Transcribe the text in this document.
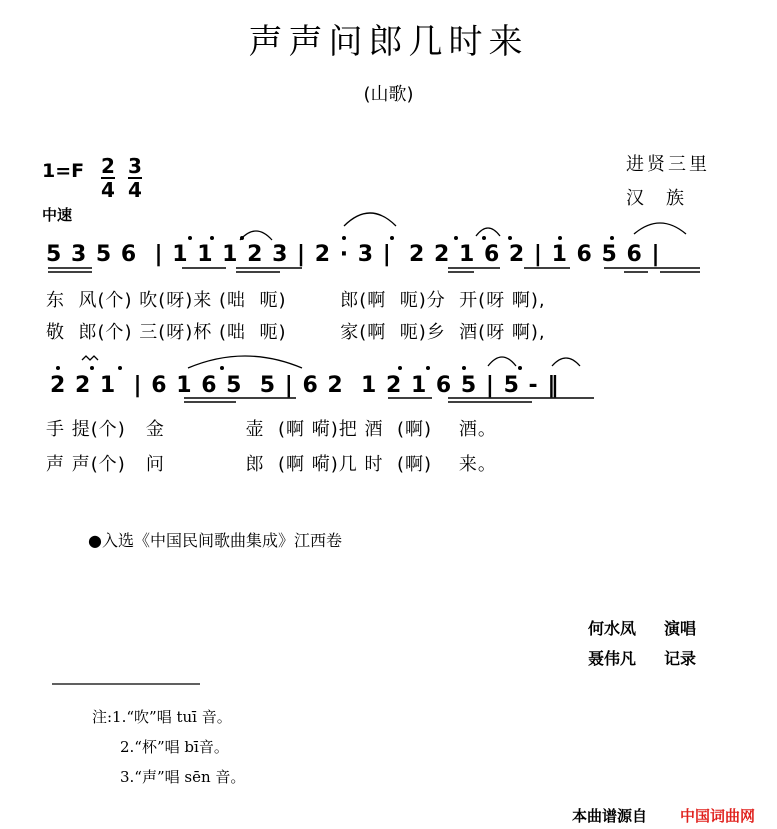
声声问郎几时来
(山歌)
1=F 2
4
3
4
中速
进贤三里
汉族
5 3 5 6  | 1 1 1 2 3 | 2 · 3 |  2 2 1 6 2 | 1 6 5 6 |
东  风(个) 吹(呀)来 (咄  呃)        郎(啊  呃)分  开(呀 啊),
敬  郎(个) 三(呀)杯 (咄  呃)        家(啊  呃)乡  酒(呀 啊),
2 2 1  | 6 1 6 5  5 | 6 2  1 2 1 6 5 | 5 - ‖
手 提(个)   金            壶  (啊 嗬)把 酒  (啊)    酒。
声 声(个)   问            郎  (啊 嗬)几 时  (啊)    来。
●入选《中国民间歌曲集成》江西卷
何水凤 演唱
聂伟凡 记录
注:1.“吹”唱 tuī 音。
2.“杯”唱 bī音。
3.“声”唱 sēn 音。
本曲谱源自 中国词曲网
